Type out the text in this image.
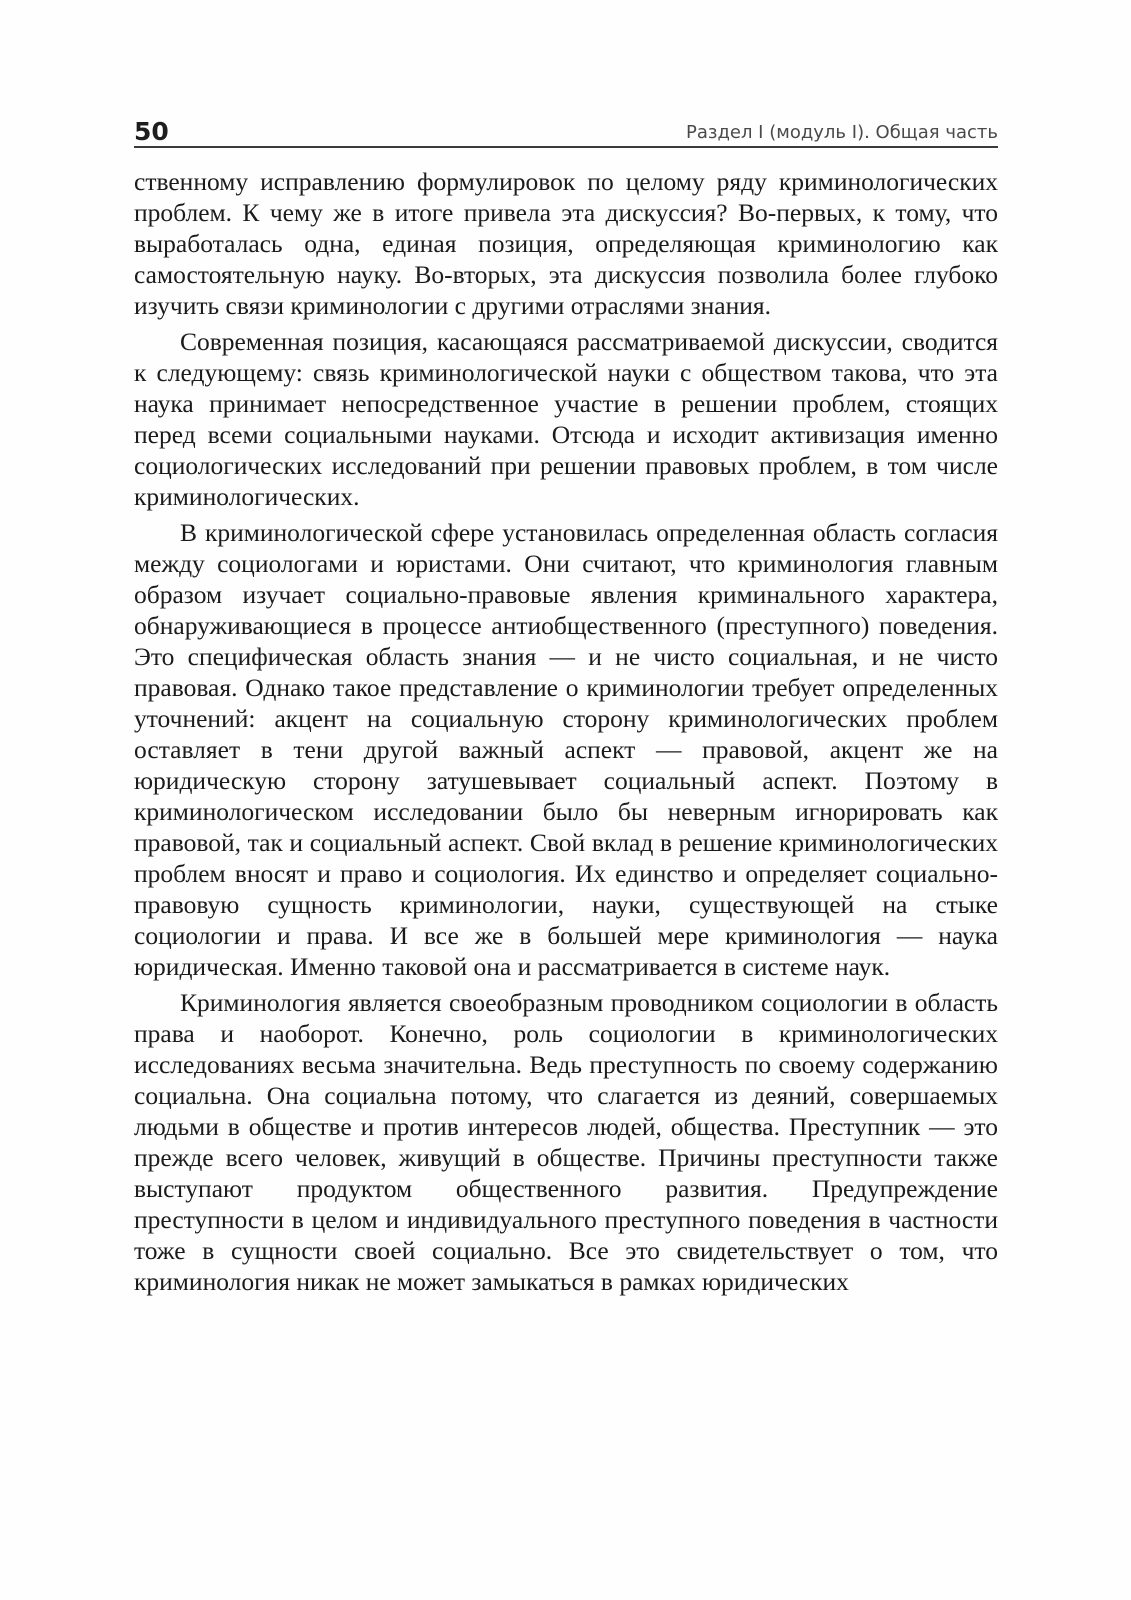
50	Раздел I (модуль I). Общая часть

ственному исправлению формулировок по целому ряду криминологических проблем. К чему же в итоге привела эта дискуссия? Во-первых, к тому, что выработалась одна, единая позиция, определяющая криминологию как самостоятельную науку. Во-вторых, эта дискуссия позволила более глубоко изучить связи криминологии с другими отраслями знания.

Современная позиция, касающаяся рассматриваемой дискуссии, сводится к следующему: связь криминологической науки с обществом такова, что эта наука принимает непосредственное участие в решении проблем, стоящих перед всеми социальными науками. Отсюда и исходит активизация именно социологических исследований при решении правовых проблем, в том числе криминологических.

В криминологической сфере установилась определенная область согласия между социологами и юристами. Они считают, что криминология главным образом изучает социально-правовые явления криминального характера, обнаруживающиеся в процессе антиобщественного (преступного) поведения. Это специфическая область знания — и не чисто социальная, и не чисто правовая. Однако такое представление о криминологии требует определенных уточнений: акцент на социальную сторону криминологических проблем оставляет в тени другой важный аспект — правовой, акцент же на юридическую сторону затушевывает социальный аспект. Поэтому в криминологическом исследовании было бы неверным игнорировать как правовой, так и социальный аспект. Свой вклад в решение криминологических проблем вносят и право и социология. Их единство и определяет социально-правовую сущность криминологии, науки, существующей на стыке социологии и права. И все же в большей мере криминология — наука юридическая. Именно таковой она и рассматривается в системе наук.

Криминология является своеобразным проводником социологии в область права и наоборот. Конечно, роль социологии в криминологических исследованиях весьма значительна. Ведь преступность по своему содержанию социальна. Она социальна потому, что слагается из деяний, совершаемых людьми в обществе и против интересов людей, общества. Преступник — это прежде всего человек, живущий в обществе. Причины преступности также выступают продуктом общественного развития. Предупреждение преступности в целом и индивидуального преступного поведения в частности тоже в сущности своей социально. Все это свидетельствует о том, что криминология никак не может замыкаться в рамках юридических
